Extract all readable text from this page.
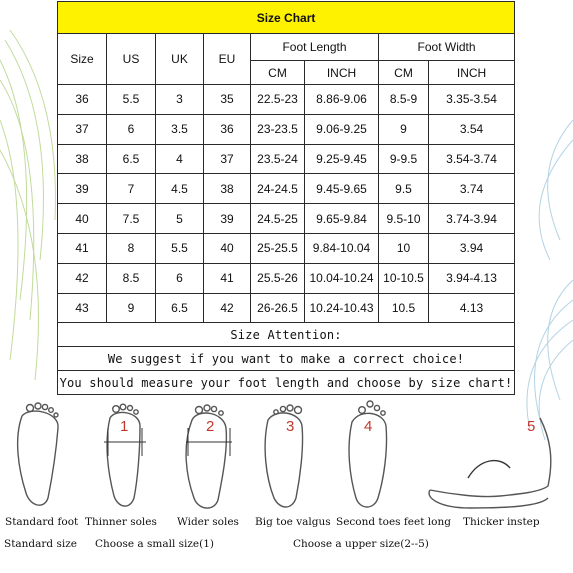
Size Chart							
Size	US	UK	EU	Foot Length		Foot Width	
				CM	INCH	CM	INCH
36	5.5	3	35	22.5-23	8.86-9.06	8.5-9	3.35-3.54
37	6	3.5	36	23-23.5	9.06-9.25	9	3.54
38	6.5	4	37	23.5-24	9.25-9.45	9-9.5	3.54-3.74
39	7	4.5	38	24-24.5	9.45-9.65	9.5	3.74
40	7.5	5	39	24.5-25	9.65-9.84	9.5-10	3.74-3.94
41	8	5.5	40	25-25.5	9.84-10.04	10	3.94
42	8.5	6	41	25.5-26	10.04-10.24	10-10.5	3.94-4.13
43	9	6.5	42	26-26.5	10.24-10.43	10.5	4.13
Size Attention:							
We suggest if you want to make a correct choice!							
You should measure your foot length and choose by size chart!							
1	2	3	4	5
Standard foot Thinner soles Wider soles Big toe valgus Second toes feet long Thicker instep
Standard size Choose a small size(1)	Choose a upper size(2--5)
